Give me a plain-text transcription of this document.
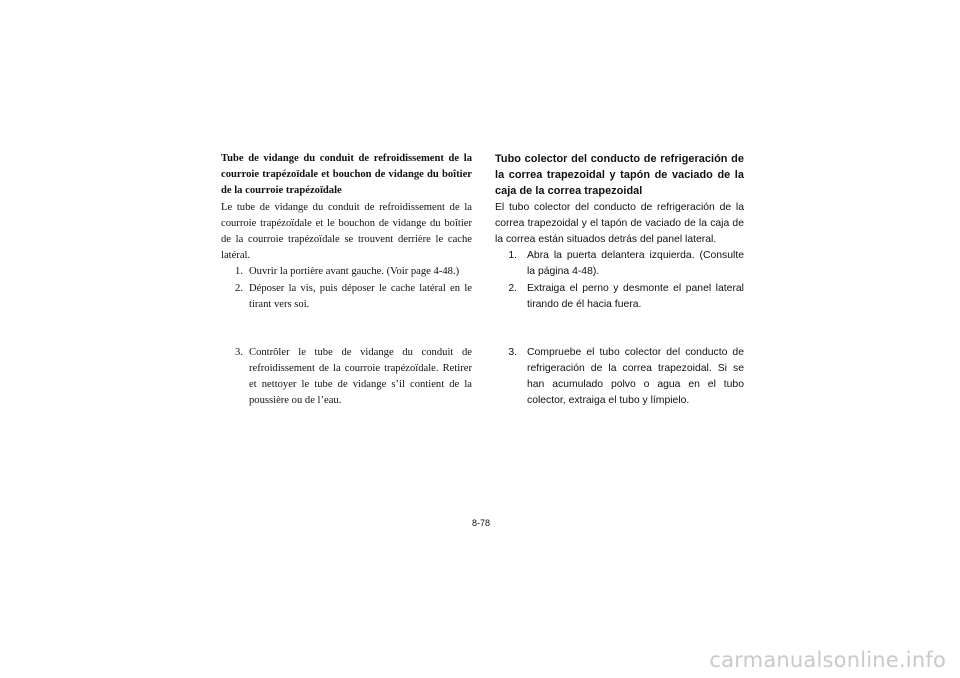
Tube de vidange du conduit de refroidissement de la courroie trapézoïdale et bouchon de vidange du boîtier de la courroie trapézoïdale

Le tube de vidange du conduit de refroidissement de la courroie trapézoïdale et le bouchon de vidange du boîtier de la courroie trapézoïdale se trouvent derrière le cache latéral.

1. Ouvrir la portière avant gauche. (Voir page 4-48.)
2. Déposer la vis, puis déposer le cache latéral en le tirant vers soi.
3. Contrôler le tube de vidange du conduit de refroidissement de la courroie trapézoïdale. Retirer et nettoyer le tube de vidange s’il contient de la poussière ou de l’eau.

Tubo colector del conducto de refrigeración de la correa trapezoidal y tapón de vaciado de la caja de la correa trapezoidal

El tubo colector del conducto de refrigeración de la correa trapezoidal y el tapón de vaciado de la caja de la correa están situados detrás del panel lateral.

1. Abra la puerta delantera izquierda. (Consulte la página 4-48).
2. Extraiga el perno y desmonte el panel lateral tirando de él hacia fuera.
3. Compruebe el tubo colector del conducto de refrigeración de la correa trapezoidal. Si se han acumulado polvo o agua en el tubo colector, extraiga el tubo y límpielo.
8-78
carmanualsonline.info
